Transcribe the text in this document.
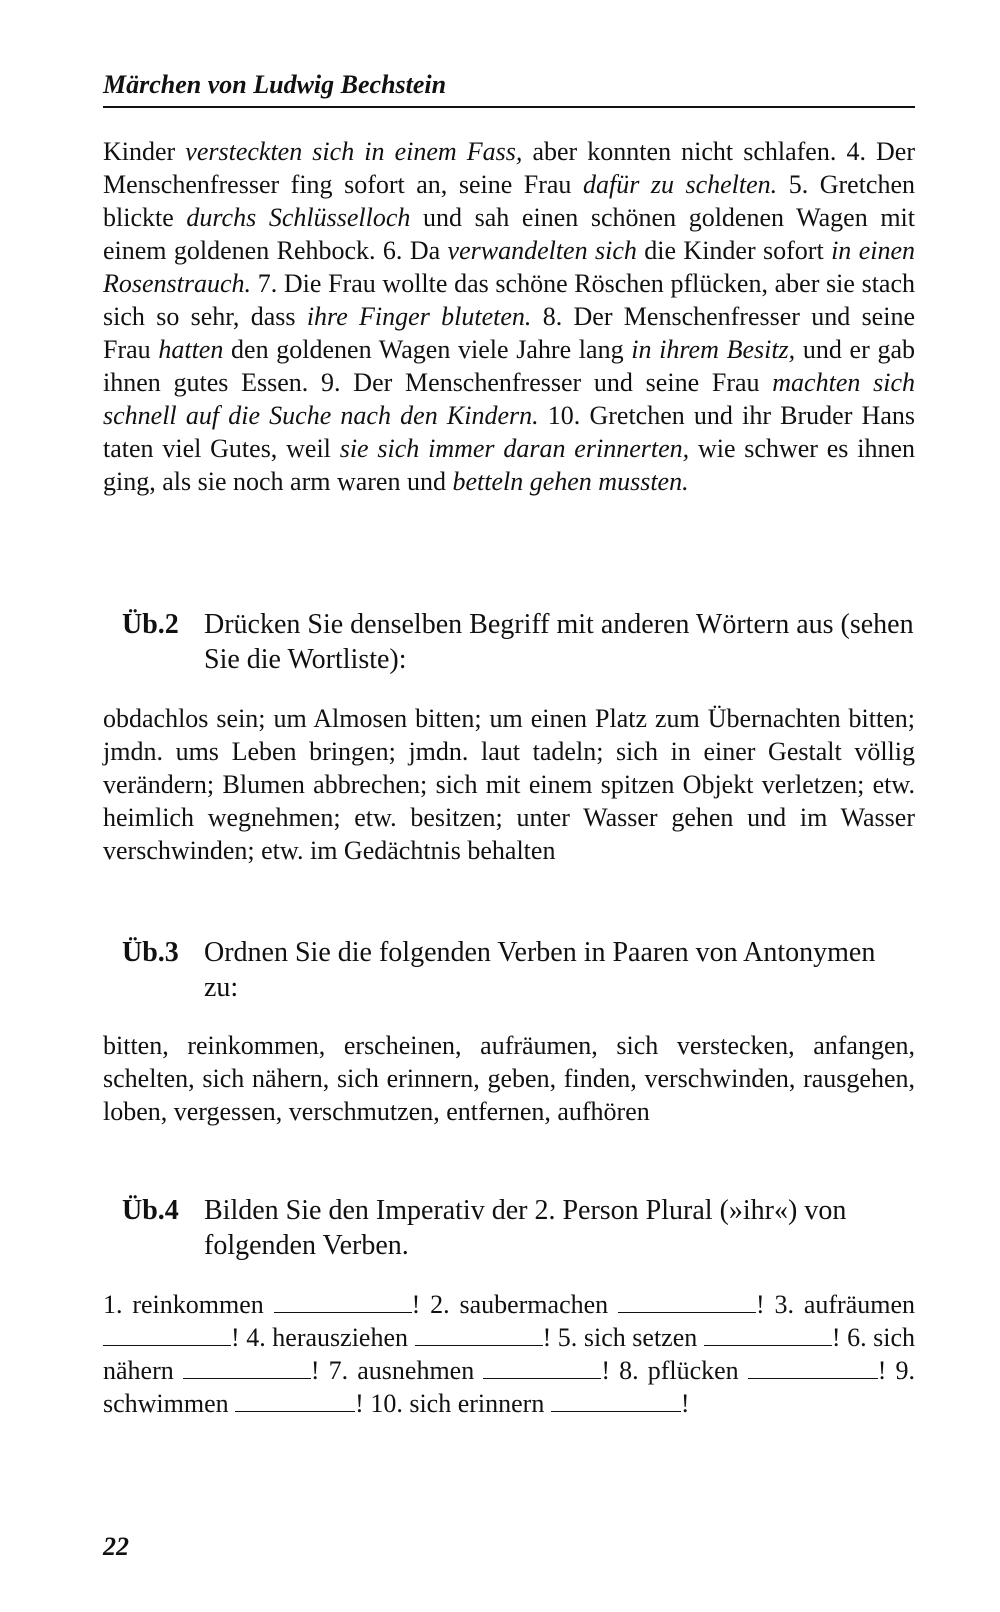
Märchen von Ludwig Bechstein
Kinder versteckten sich in einem Fass, aber konnten nicht schlafen. 4. Der Menschenfresser fing sofort an, seine Frau dafür zu schelten. 5. Gretchen blickte durchs Schlüsselloch und sah einen schönen goldenen Wagen mit einem goldenen Rehbock. 6. Da verwandelten sich die Kinder sofort in einen Rosenstrauch. 7. Die Frau wollte das schöne Röschen pflücken, aber sie stach sich so sehr, dass ihre Finger bluteten. 8. Der Menschenfresser und seine Frau hatten den goldenen Wagen viele Jahre lang in ihrem Besitz, und er gab ihnen gutes Essen. 9. Der Menschenfresser und seine Frau machten sich schnell auf die Suche nach den Kindern. 10. Gretchen und ihr Bruder Hans taten viel Gutes, weil sie sich immer daran erinnerten, wie schwer es ihnen ging, als sie noch arm waren und betteln gehen mussten.
Üb.2 Drücken Sie denselben Begriff mit anderen Wörtern aus (sehen Sie die Wortliste):
obdachlos sein; um Almosen bitten; um einen Platz zum Übernachten bitten; jmdn. ums Leben bringen; jmdn. laut tadeln; sich in einer Gestalt völlig verändern; Blumen abbrechen; sich mit einem spitzen Objekt verletzen; etw. heimlich wegnehmen; etw. besitzen; unter Wasser gehen und im Wasser verschwinden; etw. im Gedächtnis behalten
Üb.3 Ordnen Sie die folgenden Verben in Paaren von Antonymen zu:
bitten, reinkommen, erscheinen, aufräumen, sich verstecken, anfangen, schelten, sich nähern, sich erinnern, geben, finden, verschwinden, rausgehen, loben, vergessen, verschmutzen, entfernen, aufhören
Üb.4 Bilden Sie den Imperativ der 2. Person Plural (»ihr«) von folgenden Verben.
1. reinkommen	! 2. saubermachen	! 3. aufräumen ! 4. herausziehen	! 5. sich setzen	! 6. sich nähern	! 7. ausnehmen	! 8. pflücken	! 9. schwimmen	! 10. sich erinnern	!
22
